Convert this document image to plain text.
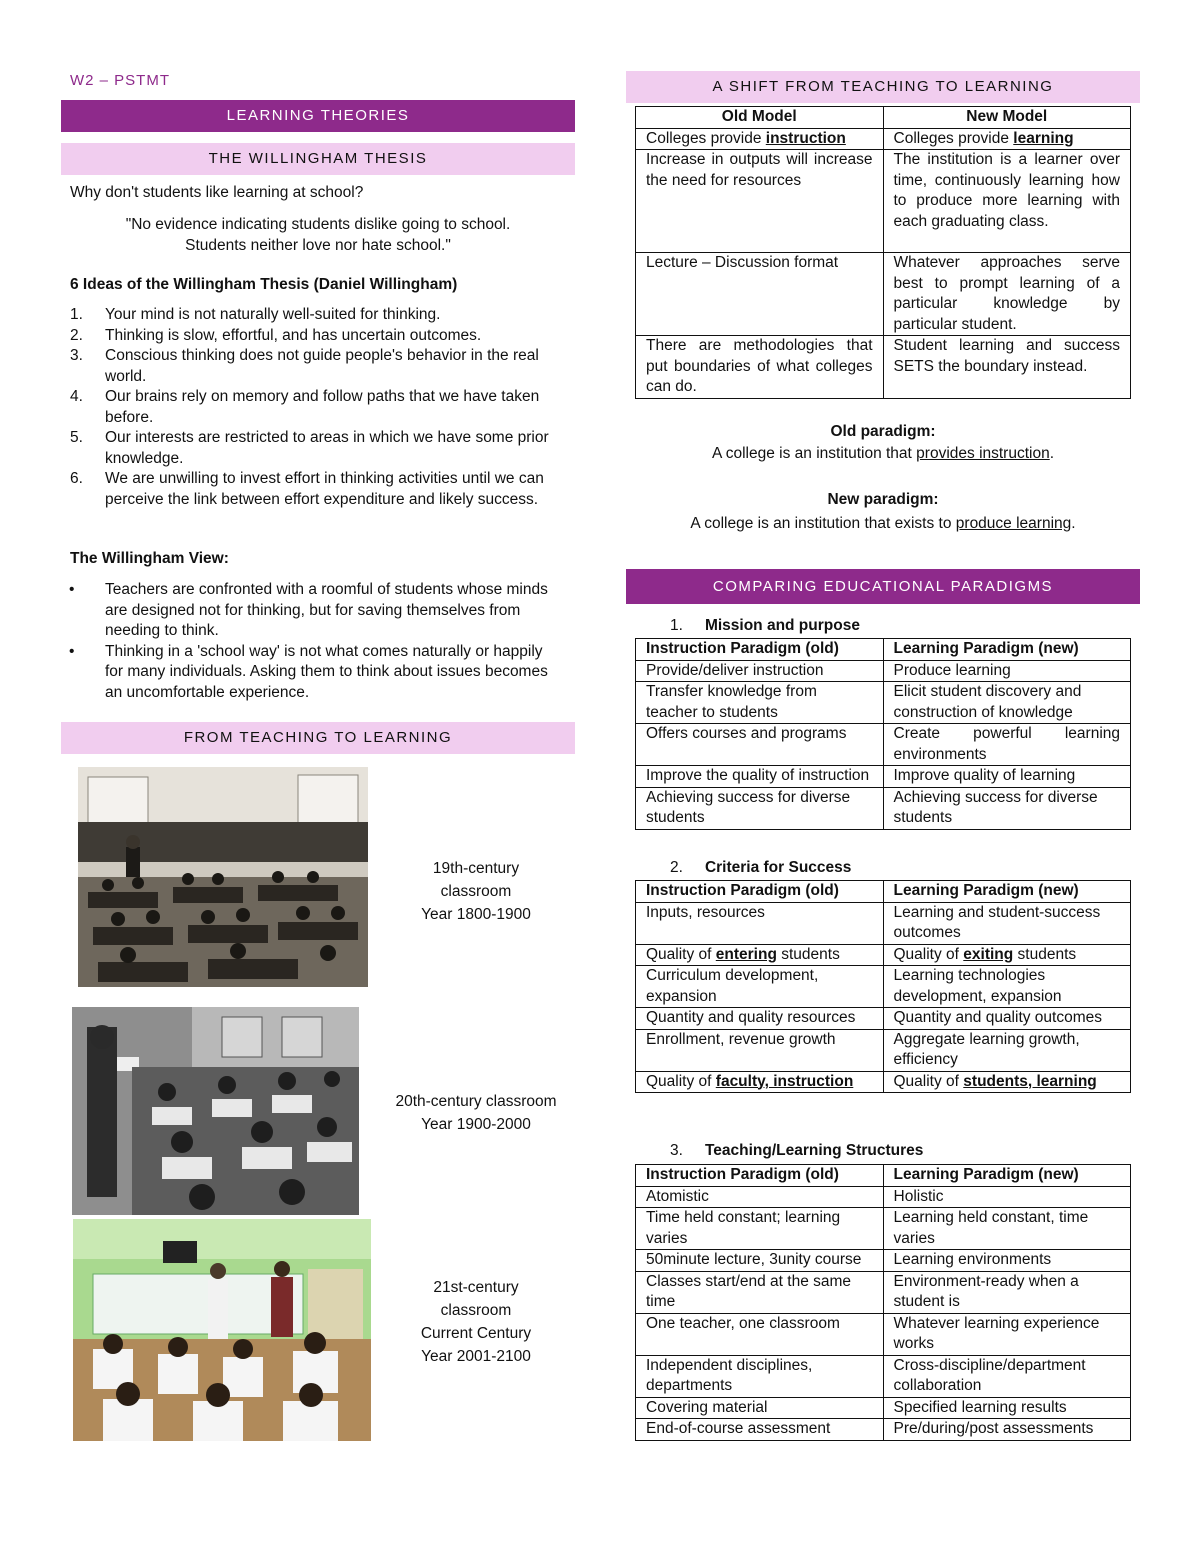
W2 – PSTMT
LEARNING THEORIES
THE WILLINGHAM THESIS

Why don't students like learning at school?

"No evidence indicating students dislike going to school.

Students neither love nor hate school."

6 Ideas of the Willingham Thesis (Daniel Willingham)

1. Your mind is not naturally well-suited for thinking.
2. Thinking is slow, effortful, and has uncertain outcomes.
3. Conscious thinking does not guide people's behavior in the real world.
4. Our brains rely on memory and follow paths that we have taken before.
5. Our interests are restricted to areas in which we have some prior knowledge.
6. We are unwilling to invest effort in thinking activities until we can perceive the link between effort expenditure and likely success.

The Willingham View:

• Teachers are confronted with a roomful of students whose minds are designed not for thinking, but for saving themselves from needing to think.
• Thinking in a 'school way' is not what comes naturally or happily for many individuals. Asking them to think about issues becomes an uncomfortable experience.
FROM TEACHING TO LEARNING
19th-century
classroom
Year 1800-1900
20th-century classroom
Year 1900-2000
21st-century
classroom
Current Century
Year 2001-2100
A SHIFT FROM TEACHING TO LEARNING
Old Model	New Model
Colleges provide instruction	Colleges provide learning
Increase in outputs will increase the need for resources	The institution is a learner over time, continuously learning how to produce more learning with each graduating class.
Lecture – Discussion format	Whatever approaches serve best to prompt learning of a particular knowledge by particular student.
There are methodologies that put boundaries of what colleges can do.	Student learning and success SETS the boundary instead.

Old paradigm:

A college is an institution that provides instruction.

New paradigm:

A college is an institution that exists to produce learning.

COMPARING EDUCATIONAL PARADIGMS

1. Mission and purpose

Instruction Paradigm (old)	Learning Paradigm (new)
Provide/deliver instruction	Produce learning
Transfer knowledge from teacher to students	Elicit student discovery and construction of knowledge
Offers courses and programs	Create powerful learning environments
Improve the quality of instruction	Improve quality of learning
Achieving success for diverse students	Achieving success for diverse students

2. Criteria for Success

Instruction Paradigm (old)	Learning Paradigm (new)
Inputs, resources	Learning and student-success outcomes
Quality of entering students	Quality of exiting students
Curriculum development, expansion	Learning technologies development, expansion
Quantity and quality resources	Quantity and quality outcomes
Enrollment, revenue growth	Aggregate learning growth, efficiency
Quality of faculty, instruction	Quality of students, learning

3. Teaching/Learning Structures

Instruction Paradigm (old)	Learning Paradigm (new)
Atomistic	Holistic
Time held constant; learning varies	Learning held constant, time varies
50minute lecture, 3unity course	Learning environments
Classes start/end at the same time	Environment-ready when a student is
One teacher, one classroom	Whatever learning experience works
Independent disciplines, departments	Cross-discipline/department collaboration
Covering material	Specified learning results
End-of-course assessment	Pre/during/post assessments
